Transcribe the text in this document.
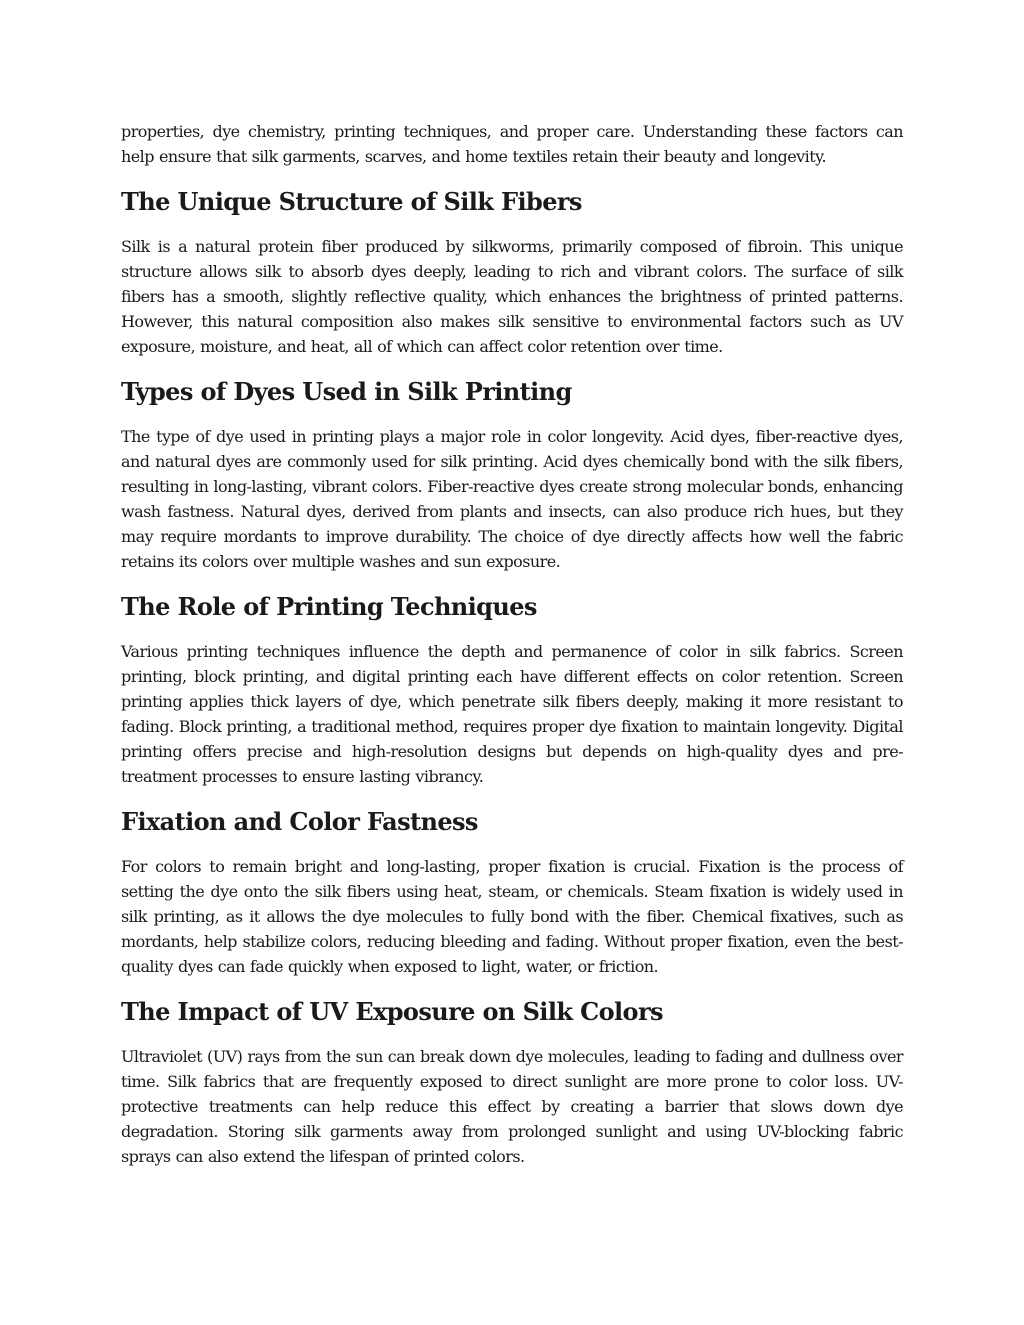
properties, dye chemistry, printing techniques, and proper care. Understanding these factors can help ensure that silk garments, scarves, and home textiles retain their beauty and longevity.

The Unique Structure of Silk Fibers

Silk is a natural protein fiber produced by silkworms, primarily composed of fibroin. This unique structure allows silk to absorb dyes deeply, leading to rich and vibrant colors. The surface of silk fibers has a smooth, slightly reflective quality, which enhances the brightness of printed patterns. However, this natural composition also makes silk sensitive to environmental factors such as UV exposure, moisture, and heat, all of which can affect color retention over time.

Types of Dyes Used in Silk Printing

The type of dye used in printing plays a major role in color longevity. Acid dyes, fiber-reactive dyes, and natural dyes are commonly used for silk printing. Acid dyes chemically bond with the silk fibers, resulting in long-lasting, vibrant colors. Fiber-reactive dyes create strong molecular bonds, enhancing wash fastness. Natural dyes, derived from plants and insects, can also produce rich hues, but they may require mordants to improve durability. The choice of dye directly affects how well the fabric retains its colors over multiple washes and sun exposure.

The Role of Printing Techniques

Various printing techniques influence the depth and permanence of color in silk fabrics. Screen printing, block printing, and digital printing each have different effects on color retention. Screen printing applies thick layers of dye, which penetrate silk fibers deeply, making it more resistant to fading. Block printing, a traditional method, requires proper dye fixation to maintain longevity. Digital printing offers precise and high-resolution designs but depends on high-quality dyes and pre-treatment processes to ensure lasting vibrancy.

Fixation and Color Fastness

For colors to remain bright and long-lasting, proper fixation is crucial. Fixation is the process of setting the dye onto the silk fibers using heat, steam, or chemicals. Steam fixation is widely used in silk printing, as it allows the dye molecules to fully bond with the fiber. Chemical fixatives, such as mordants, help stabilize colors, reducing bleeding and fading. Without proper fixation, even the best-quality dyes can fade quickly when exposed to light, water, or friction.

The Impact of UV Exposure on Silk Colors

Ultraviolet (UV) rays from the sun can break down dye molecules, leading to fading and dullness over time. Silk fabrics that are frequently exposed to direct sunlight are more prone to color loss. UV-protective treatments can help reduce this effect by creating a barrier that slows down dye degradation. Storing silk garments away from prolonged sunlight and using UV-blocking fabric sprays can also extend the lifespan of printed colors.
